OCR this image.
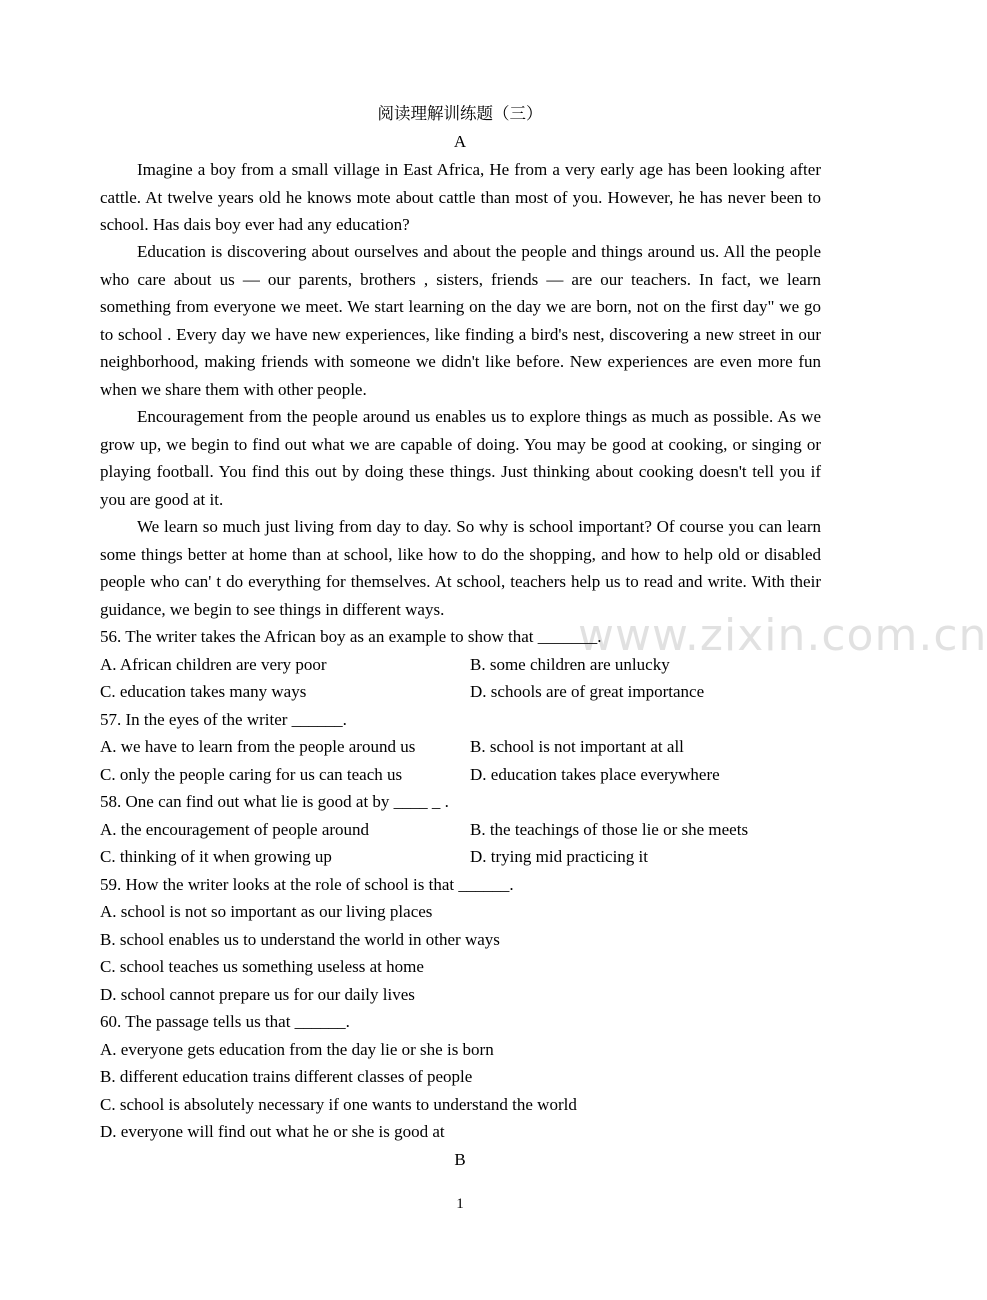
阅读理解训练题（三）
A

Imagine a boy from a small village in East Africa, He from a very early age has been looking after cattle. At twelve years old he knows mote about cattle than most of you. However, he has never been to school. Has dais boy ever had any education?

Education is discovering about ourselves and about the people and things around us. All the people who care about us — our parents, brothers , sisters, friends — are our teachers. In fact, we learn something from everyone we meet. We start learning on the day we are born, not on the first day" we go to school . Every day we have new experiences, like finding a bird's nest, discovering a new street in our neighborhood, making friends with someone we didn't like before. New experiences are even more fun when we share them with other people.

Encouragement from the people around us enables us to explore things as much as possible. As we grow up, we begin to find out what we are capable of doing. You may be good at cooking, or singing or playing football. You find this out by doing these things. Just thinking about cooking doesn't tell you if you are good at it.

We learn so much just living from day to day. So why is school important? Of course you can learn some things better at home than at school, like how to do the shopping, and how to help old or disabled people who can' t do everything for themselves. At school, teachers help us to read and write. With their guidance, we begin to see things in different ways.

www.zixin.com.cn
56. The writer takes the African boy as an example to show that _______.
A. African children are very poor	B. some children are unlucky
C. education takes many ways	D. schools are of great importance
57. In the eyes of the writer ______.
A. we have to learn from the people around us	B. school is not important at all
C. only the people caring for us can teach us	D. education takes place everywhere
58. One can find out what lie is good at by ____ _ .
A. the encouragement of people around	B. the teachings of those lie or she meets
C. thinking of it when growing up	D. trying mid practicing it
59. How the writer looks at the role of school is that ______.
A. school is not so important as our living places
B. school enables us to understand the world in other ways
C. school teaches us something useless at home
D. school cannot prepare us for our daily lives
60. The passage tells us that ______.
A. everyone gets education from the day lie or she is born
B. different education trains different classes of people
C. school is absolutely necessary if one wants to understand the world
D. everyone will find out what he or she is good at
B
1
